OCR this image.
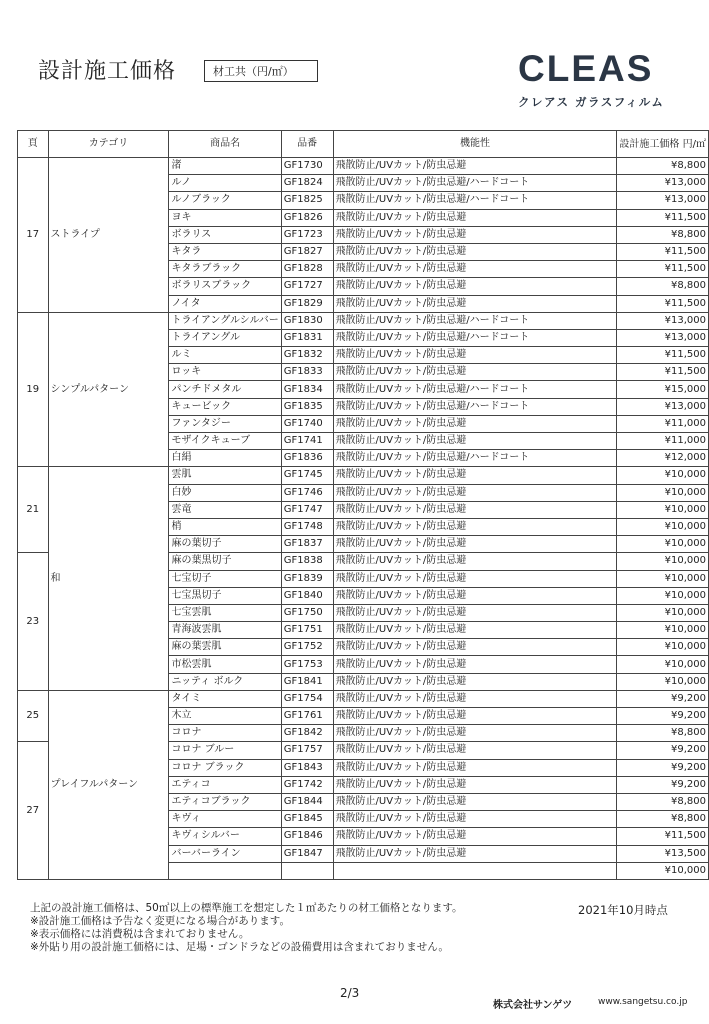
設計施工価格	材工共（円/㎡）	CLEAS
クレアス ガラスフィルム
頁	カテゴリ	商品名	品番	機能性	設計施工価格 円/㎡
17	ストライプ	渚	GF1730	飛散防止/UVカット/防虫忌避	¥8,800
		ルノ	GF1824	飛散防止/UVカット/防虫忌避/ハードコート	¥13,000
		ルノブラック	GF1825	飛散防止/UVカット/防虫忌避/ハードコート	¥13,000
		ヨキ	GF1826	飛散防止/UVカット/防虫忌避	¥11,500
		ボラリス	GF1723	飛散防止/UVカット/防虫忌避	¥8,800
		キタラ	GF1827	飛散防止/UVカット/防虫忌避	¥11,500
		キタラブラック	GF1828	飛散防止/UVカット/防虫忌避	¥11,500
		ボラリスブラック	GF1727	飛散防止/UVカット/防虫忌避	¥8,800
		ノイタ	GF1829	飛散防止/UVカット/防虫忌避	¥11,500
19	シンプルパターン	トライアングルシルバー	GF1830	飛散防止/UVカット/防虫忌避/ハードコート	¥13,000
		トライアングル	GF1831	飛散防止/UVカット/防虫忌避/ハードコート	¥13,000
		ルミ	GF1832	飛散防止/UVカット/防虫忌避	¥11,500
		ロッキ	GF1833	飛散防止/UVカット/防虫忌避	¥11,500
		パンチドメタル	GF1834	飛散防止/UVカット/防虫忌避/ハードコート	¥15,000
		キュービック	GF1835	飛散防止/UVカット/防虫忌避/ハードコート	¥13,000
		ファンタジー	GF1740	飛散防止/UVカット/防虫忌避	¥11,000
		モザイクキューブ	GF1741	飛散防止/UVカット/防虫忌避	¥11,000
		白絹	GF1836	飛散防止/UVカット/防虫忌避/ハードコート	¥12,000
21	和	雲肌	GF1745	飛散防止/UVカット/防虫忌避	¥10,000
		白妙	GF1746	飛散防止/UVカット/防虫忌避	¥10,000
		雲竜	GF1747	飛散防止/UVカット/防虫忌避	¥10,000
		梢	GF1748	飛散防止/UVカット/防虫忌避	¥10,000
		麻の葉切子	GF1837	飛散防止/UVカット/防虫忌避	¥10,000
23		麻の葉黒切子	GF1838	飛散防止/UVカット/防虫忌避	¥10,000
		七宝切子	GF1839	飛散防止/UVカット/防虫忌避	¥10,000
		七宝黒切子	GF1840	飛散防止/UVカット/防虫忌避	¥10,000
		七宝雲肌	GF1750	飛散防止/UVカット/防虫忌避	¥10,000
		青海波雲肌	GF1751	飛散防止/UVカット/防虫忌避	¥10,000
		麻の葉雲肌	GF1752	飛散防止/UVカット/防虫忌避	¥10,000
		市松雲肌	GF1753	飛散防止/UVカット/防虫忌避	¥10,000
		ニッティ ボルク	GF1841	飛散防止/UVカット/防虫忌避	¥10,000
25	プレイフルパターン	タイミ	GF1754	飛散防止/UVカット/防虫忌避	¥9,200
		木立	GF1761	飛散防止/UVカット/防虫忌避	¥9,200
		コロナ	GF1842	飛散防止/UVカット/防虫忌避	¥8,800
27		コロナ ブルー	GF1757	飛散防止/UVカット/防虫忌避	¥9,200
		コロナ ブラック	GF1843	飛散防止/UVカット/防虫忌避	¥9,200
		エティコ	GF1742	飛散防止/UVカット/防虫忌避	¥9,200
		エティコブラック	GF1844	飛散防止/UVカット/防虫忌避	¥8,800
		キヴィ	GF1845	飛散防止/UVカット/防虫忌避	¥8,800
		キヴィシルバー	GF1846	飛散防止/UVカット/防虫忌避	¥11,500
		バーバーライン	GF1847	飛散防止/UVカット/防虫忌避	¥13,500
					¥10,000
上記の設計施工価格は、50㎡以上の標準施工を想定した１㎡あたりの材工価格となります。
※設計施工価格は予告なく変更になる場合があります。
※表示価格には消費税は含まれておりません。
※外貼り用の設計施工価格には、足場・ゴンドラなどの設備費用は含まれておりません。
2021年10月時点
2/3
株式会社サンゲツ	www.sangetsu.co.jp
